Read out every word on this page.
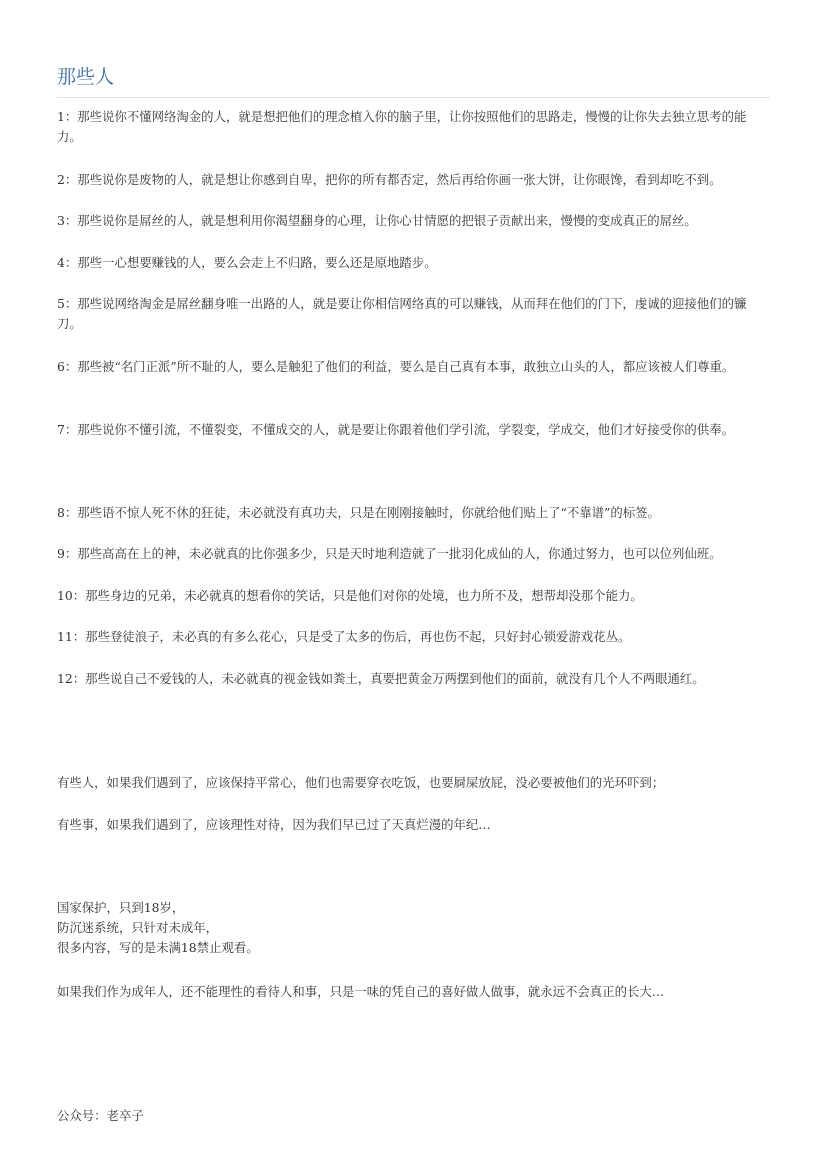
那些人

1：那些说你不懂网络淘金的人，就是想把他们的理念植入你的脑子里，让你按照他们的思路走，慢慢的让你失去独立思考的能力。

2：那些说你是废物的人，就是想让你感到自卑，把你的所有都否定，然后再给你画一张大饼，让你眼馋，看到却吃不到。

3：那些说你是屌丝的人，就是想利用你渴望翻身的心理，让你心甘情愿的把银子贡献出来，慢慢的变成真正的屌丝。

4：那些一心想要赚钱的人，要么会走上不归路，要么还是原地踏步。

5：那些说网络淘金是屌丝翻身唯一出路的人，就是要让你相信网络真的可以赚钱，从而拜在他们的门下，虔诚的迎接他们的镰刀。

6：那些被“名门正派”所不耻的人，要么是触犯了他们的利益，要么是自己真有本事，敢独立山头的人，都应该被人们尊重。

7：那些说你不懂引流，不懂裂变，不懂成交的人，就是要让你跟着他们学引流，学裂变，学成交，他们才好接受你的供奉。

8：那些语不惊人死不休的狂徒，未必就没有真功夫，只是在刚刚接触时，你就给他们贴上了“不靠谱”的标签。

9：那些高高在上的神，未必就真的比你强多少，只是天时地利造就了一批羽化成仙的人，你通过努力，也可以位列仙班。

10：那些身边的兄弟，未必就真的想看你的笑话，只是他们对你的处境，也力所不及，想帮却没那个能力。

11：那些登徒浪子，未必真的有多么花心，只是受了太多的伤后，再也伤不起，只好封心锁爱游戏花丛。

12：那些说自己不爱钱的人，未必就真的视金钱如粪土，真要把黄金万两摆到他们的面前，就没有几个人不两眼通红。

有些人，如果我们遇到了，应该保持平常心，他们也需要穿衣吃饭，也要屙屎放屁，没必要被他们的光环吓到；

有些事，如果我们遇到了，应该理性对待，因为我们早已过了天真烂漫的年纪…

国家保护，只到18岁，

防沉迷系统，只针对未成年，

很多内容，写的是未满18禁止观看。

如果我们作为成年人，还不能理性的看待人和事，只是一味的凭自己的喜好做人做事，就永远不会真正的长大…

公众号：老卒子
